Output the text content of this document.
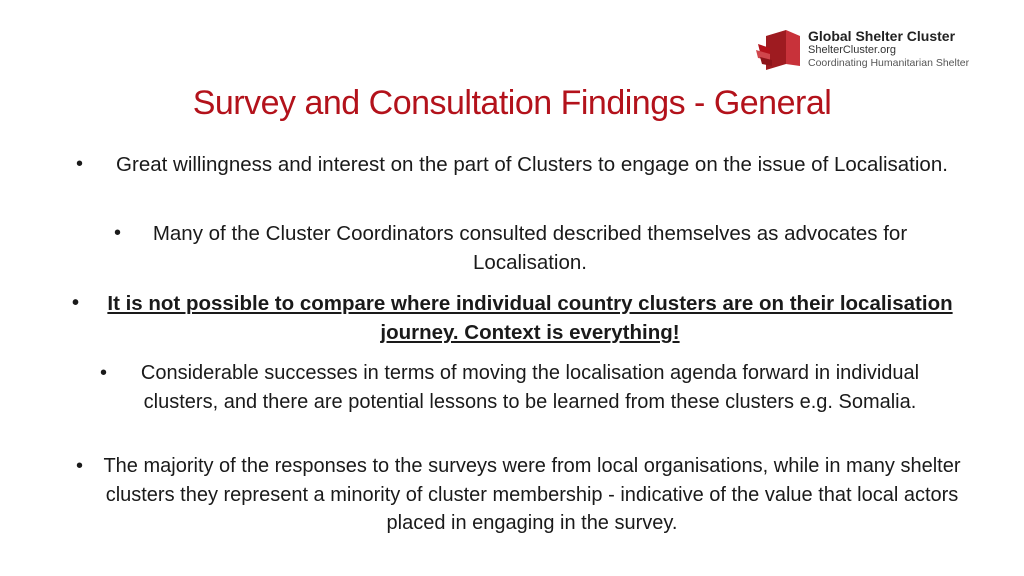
Global Shelter Cluster
ShelterCluster.org
Coordinating Humanitarian Shelter
Survey and Consultation Findings - General
• Great willingness and interest on the part of Clusters to engage on the issue of Localisation.
• Many of the Cluster Coordinators consulted described themselves as advocates for Localisation.
• It is not possible to compare where individual country clusters are on their localisation journey. Context is everything!
• Considerable successes in terms of moving the localisation agenda forward in individual clusters, and there are potential lessons to be learned from these clusters e.g. Somalia.
• The majority of the responses to the surveys were from local organisations, while in many shelter clusters they represent a minority of cluster membership - indicative of the value that local actors placed in engaging in the survey.
